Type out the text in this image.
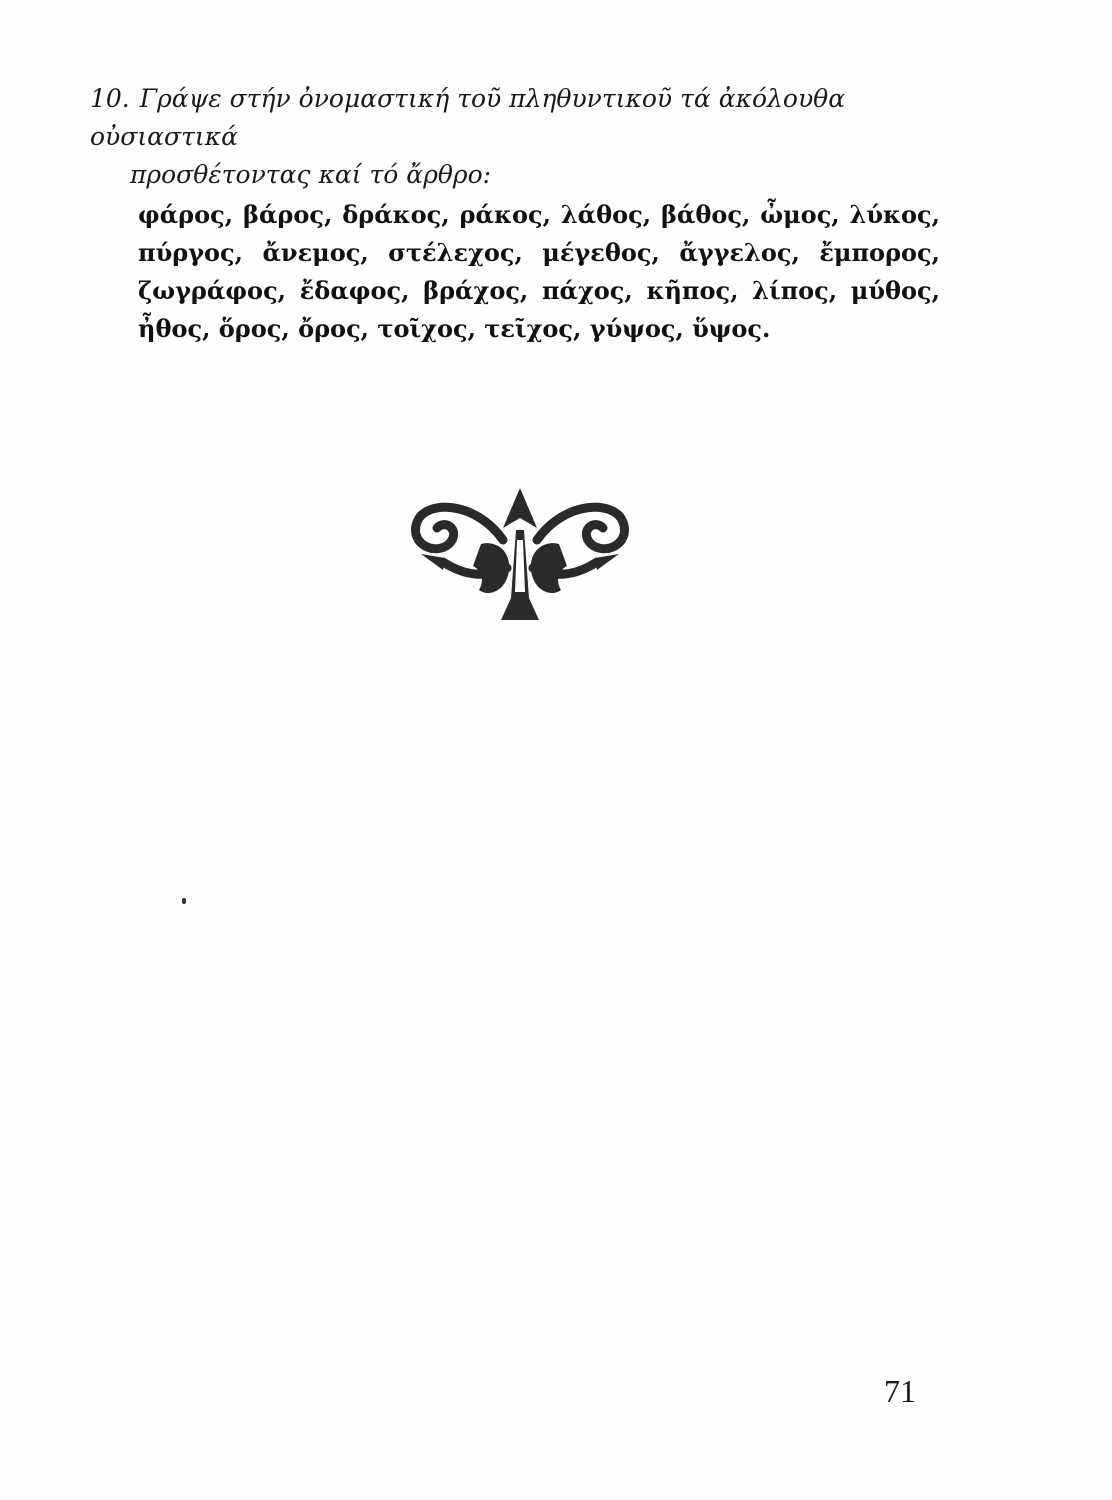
10. Γράψε στήν ὀνομαστική τοῦ πληθυντικοῦ τά ἀκόλουθα οὐσιαστικά
προσθέτοντας καί τό ἄρθρο:

φάρος, βάρος, δράκος, ράκος, λάθος, βάθος, ὦμος, λύκος, πύργος, ἄνεμος, στέλεχος, μέγεθος, ἄγγελος, ἔμπορος, ζωγράφος, ἔδαφος, βράχος, πάχος, κῆπος, λίπος, μύθος, ἦθος, ὅρος, ὄρος, τοῖχος, τεῖχος, γύψος, ὕψος.

71
